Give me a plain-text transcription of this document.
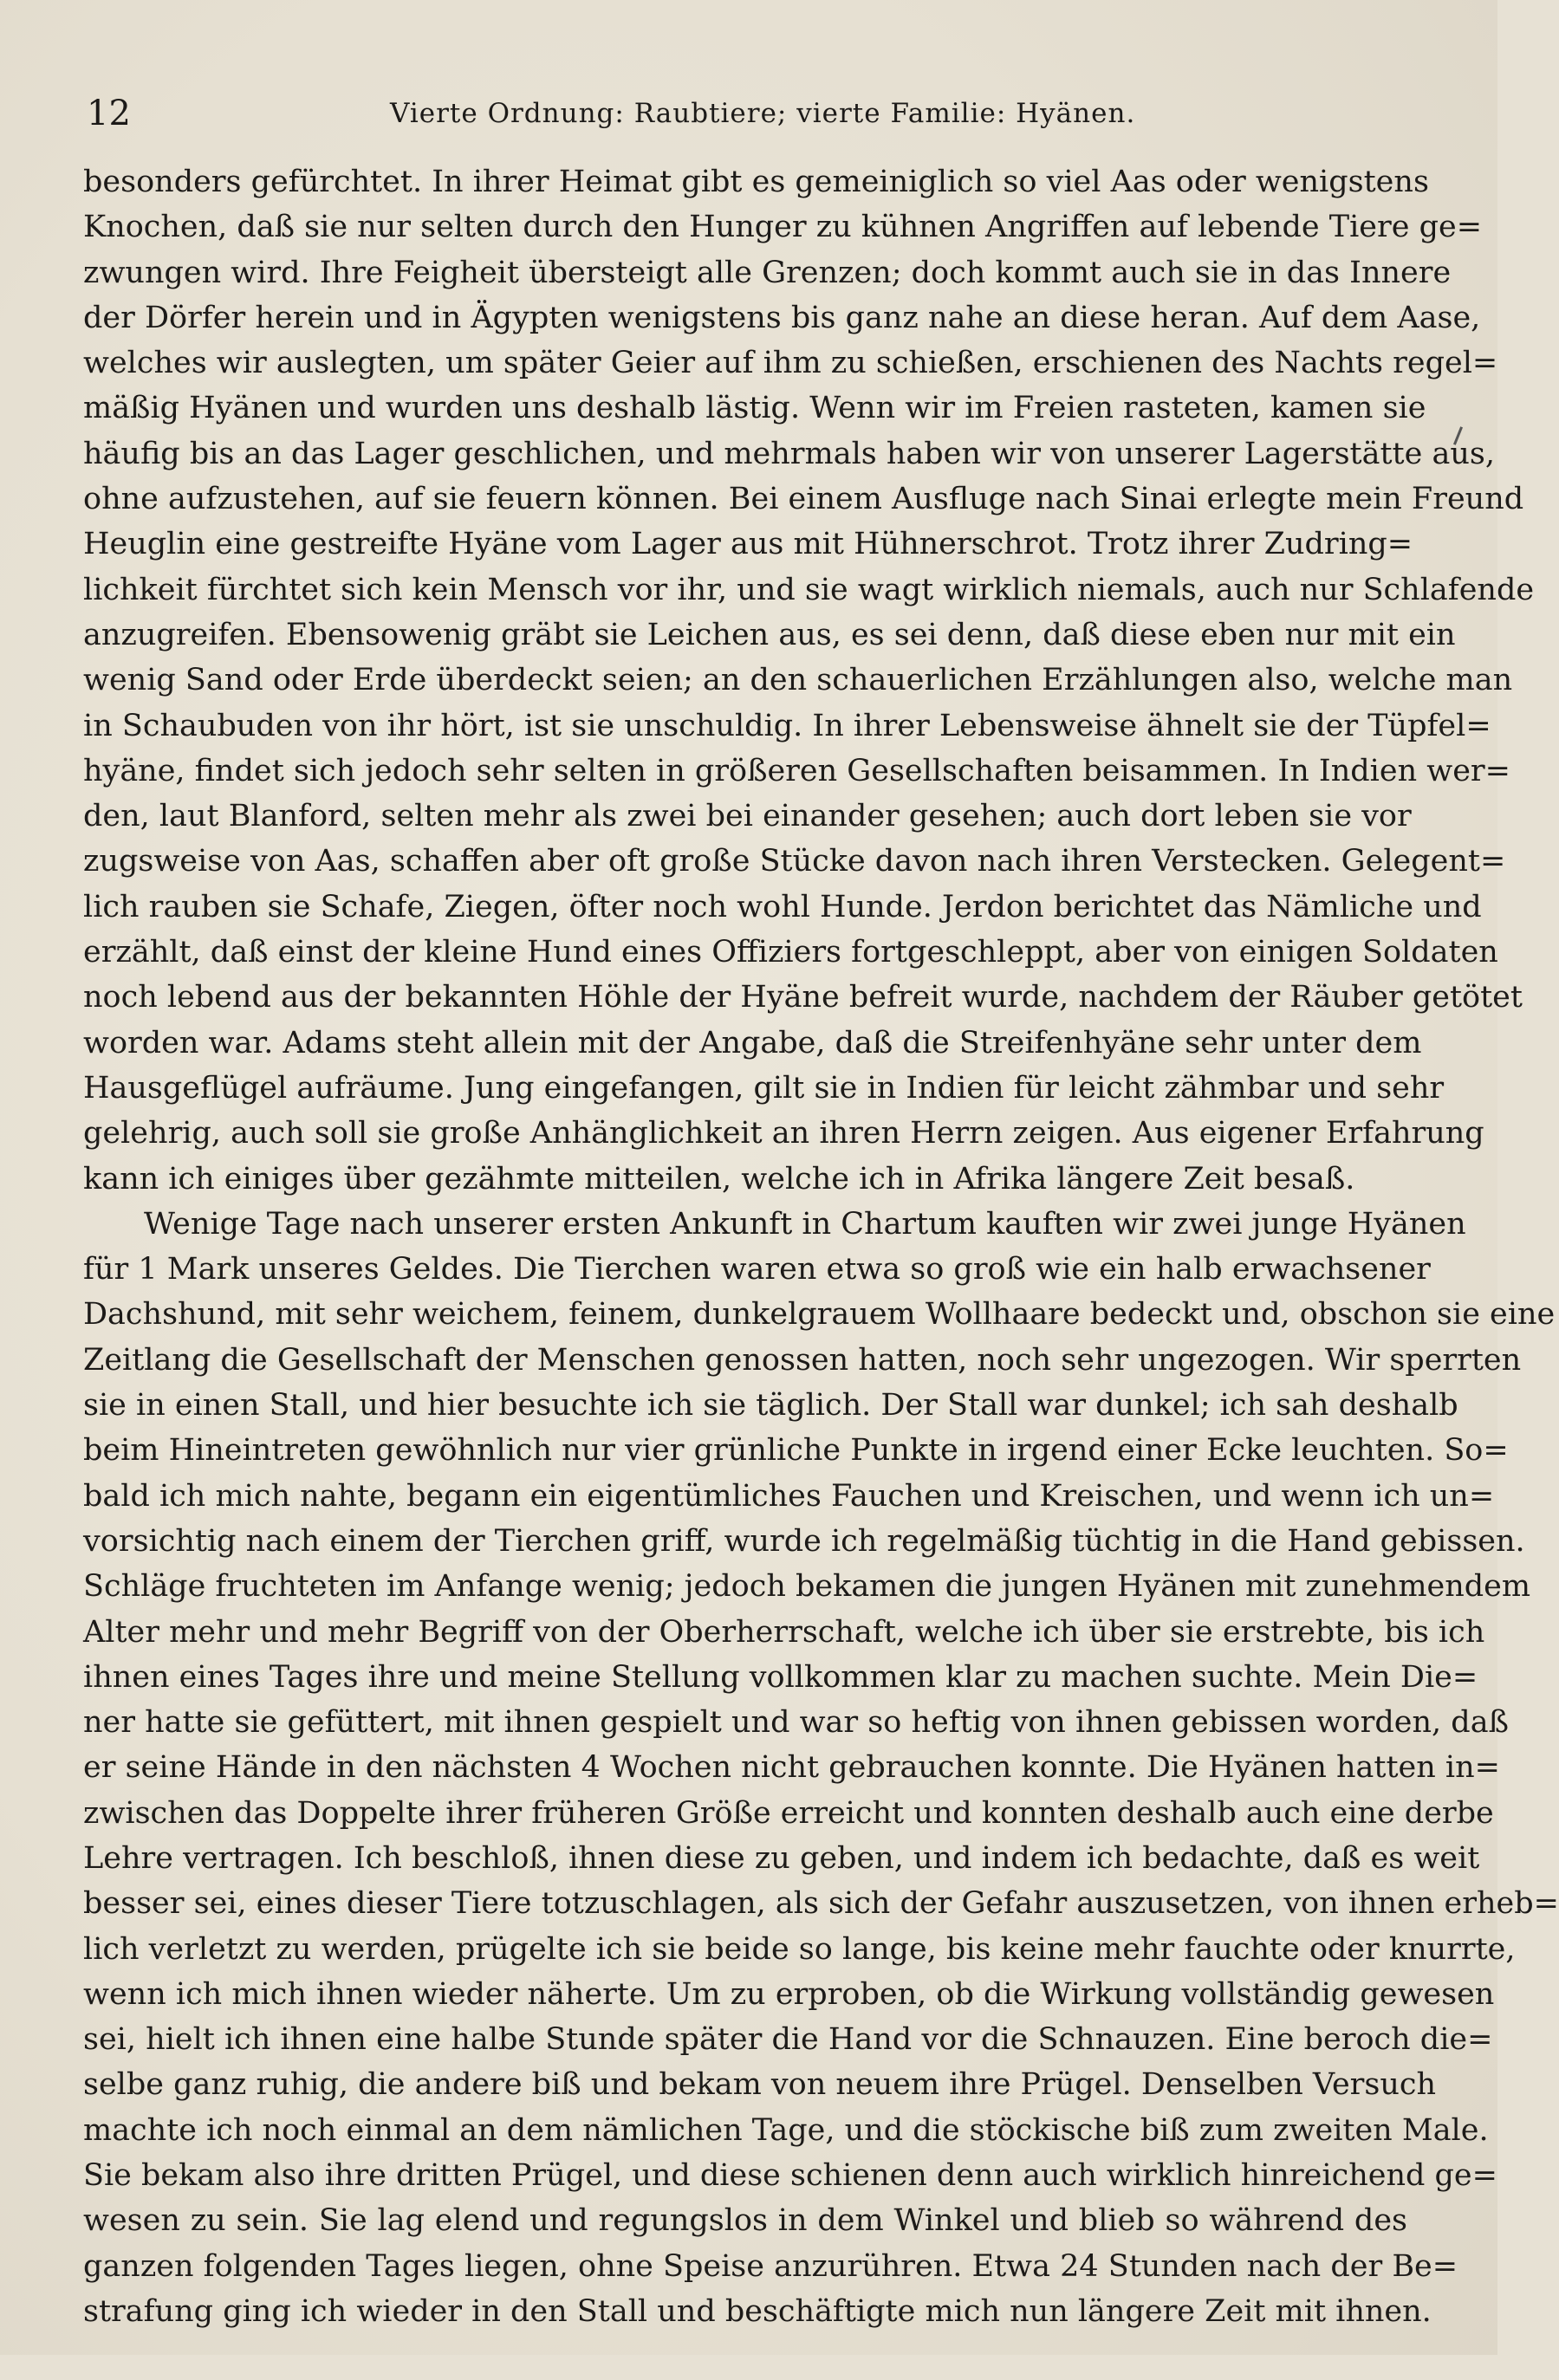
12	Vierte Ordnung: Raubtiere; vierte Familie: Hyänen.
besonders gefürchtet. In ihrer Heimat gibt es gemeiniglich so viel Aas oder wenigstens
Knochen, daß sie nur selten durch den Hunger zu kühnen Angriffen auf lebende Tiere ge=
zwungen wird. Ihre Feigheit übersteigt alle Grenzen; doch kommt auch sie in das Innere
der Dörfer herein und in Ägypten wenigstens bis ganz nahe an diese heran. Auf dem Aase,
welches wir auslegten, um später Geier auf ihm zu schießen, erschienen des Nachts regel=
mäßig Hyänen und wurden uns deshalb lästig. Wenn wir im Freien rasteten, kamen sie
häufig bis an das Lager geschlichen, und mehrmals haben wir von unserer Lagerstätte aus,
ohne aufzustehen, auf sie feuern können. Bei einem Ausfluge nach Sinai erlegte mein Freund
Heuglin eine gestreifte Hyäne vom Lager aus mit Hühnerschrot. Trotz ihrer Zudring=
lichkeit fürchtet sich kein Mensch vor ihr, und sie wagt wirklich niemals, auch nur Schlafende
anzugreifen. Ebensowenig gräbt sie Leichen aus, es sei denn, daß diese eben nur mit ein
wenig Sand oder Erde überdeckt seien; an den schauerlichen Erzählungen also, welche man
in Schaubuden von ihr hört, ist sie unschuldig. In ihrer Lebensweise ähnelt sie der Tüpfel=
hyäne, findet sich jedoch sehr selten in größeren Gesellschaften beisammen. In Indien wer=
den, laut Blanford, selten mehr als zwei bei einander gesehen; auch dort leben sie vor
zugsweise von Aas, schaffen aber oft große Stücke davon nach ihren Verstecken. Gelegent=
lich rauben sie Schafe, Ziegen, öfter noch wohl Hunde. Jerdon berichtet das Nämliche und
erzählt, daß einst der kleine Hund eines Offiziers fortgeschleppt, aber von einigen Soldaten
noch lebend aus der bekannten Höhle der Hyäne befreit wurde, nachdem der Räuber getötet
worden war. Adams steht allein mit der Angabe, daß die Streifenhyäne sehr unter dem
Hausgeflügel aufräume. Jung eingefangen, gilt sie in Indien für leicht zähmbar und sehr
gelehrig, auch soll sie große Anhänglichkeit an ihren Herrn zeigen. Aus eigener Erfahrung
kann ich einiges über gezähmte mitteilen, welche ich in Afrika längere Zeit besaß.
Wenige Tage nach unserer ersten Ankunft in Chartum kauften wir zwei junge Hyänen
für 1 Mark unseres Geldes. Die Tierchen waren etwa so groß wie ein halb erwachsener
Dachshund, mit sehr weichem, feinem, dunkelgrauem Wollhaare bedeckt und, obschon sie eine
Zeitlang die Gesellschaft der Menschen genossen hatten, noch sehr ungezogen. Wir sperrten
sie in einen Stall, und hier besuchte ich sie täglich. Der Stall war dunkel; ich sah deshalb
beim Hineintreten gewöhnlich nur vier grünliche Punkte in irgend einer Ecke leuchten. So=
bald ich mich nahte, begann ein eigentümliches Fauchen und Kreischen, und wenn ich un=
vorsichtig nach einem der Tierchen griff, wurde ich regelmäßig tüchtig in die Hand gebissen.
Schläge fruchteten im Anfange wenig; jedoch bekamen die jungen Hyänen mit zunehmendem
Alter mehr und mehr Begriff von der Oberherrschaft, welche ich über sie erstrebte, bis ich
ihnen eines Tages ihre und meine Stellung vollkommen klar zu machen suchte. Mein Die=
ner hatte sie gefüttert, mit ihnen gespielt und war so heftig von ihnen gebissen worden, daß
er seine Hände in den nächsten 4 Wochen nicht gebrauchen konnte. Die Hyänen hatten in=
zwischen das Doppelte ihrer früheren Größe erreicht und konnten deshalb auch eine derbe
Lehre vertragen. Ich beschloß, ihnen diese zu geben, und indem ich bedachte, daß es weit
besser sei, eines dieser Tiere totzuschlagen, als sich der Gefahr auszusetzen, von ihnen erheb=
lich verletzt zu werden, prügelte ich sie beide so lange, bis keine mehr fauchte oder knurrte,
wenn ich mich ihnen wieder näherte. Um zu erproben, ob die Wirkung vollständig gewesen
sei, hielt ich ihnen eine halbe Stunde später die Hand vor die Schnauzen. Eine beroch die=
selbe ganz ruhig, die andere biß und bekam von neuem ihre Prügel. Denselben Versuch
machte ich noch einmal an dem nämlichen Tage, und die stöckische biß zum zweiten Male.
Sie bekam also ihre dritten Prügel, und diese schienen denn auch wirklich hinreichend ge=
wesen zu sein. Sie lag elend und regungslos in dem Winkel und blieb so während des
ganzen folgenden Tages liegen, ohne Speise anzurühren. Etwa 24 Stunden nach der Be=
strafung ging ich wieder in den Stall und beschäftigte mich nun längere Zeit mit ihnen.
